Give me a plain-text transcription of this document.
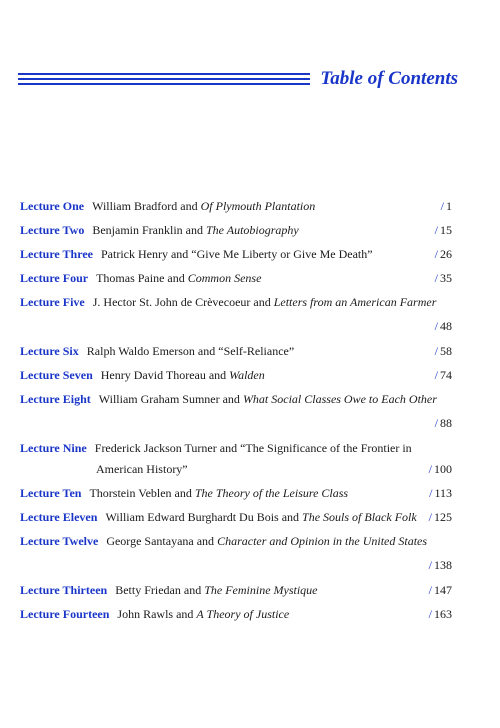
Table of Contents
Lecture One William Bradford and Of Plymouth Plantation	/ 1
Lecture Two Benjamin Franklin and The Autobiography	/ 15
Lecture Three Patrick Henry and “Give Me Liberty or Give Me Death”	/ 26
Lecture Four Thomas Paine and Common Sense	/ 35
Lecture Five J. Hector St. John de Crèvecoeur and Letters from an American Farmer
/ 48
Lecture Six Ralph Waldo Emerson and “Self-Reliance”	/ 58
Lecture Seven Henry David Thoreau and Walden	/ 74
Lecture Eight William Graham Sumner and What Social Classes Owe to Each Other
/ 88
Lecture Nine Frederick Jackson Turner and “The Significance of the Frontier in
American History”	/ 100
Lecture Ten Thorstein Veblen and The Theory of the Leisure Class	/ 113
Lecture Eleven William Edward Burghardt Du Bois and The Souls of Black Folk / 125
Lecture Twelve George Santayana and Character and Opinion in the United States
/ 138
Lecture Thirteen Betty Friedan and The Feminine Mystique	/ 147
Lecture Fourteen John Rawls and A Theory of Justice	/ 163
